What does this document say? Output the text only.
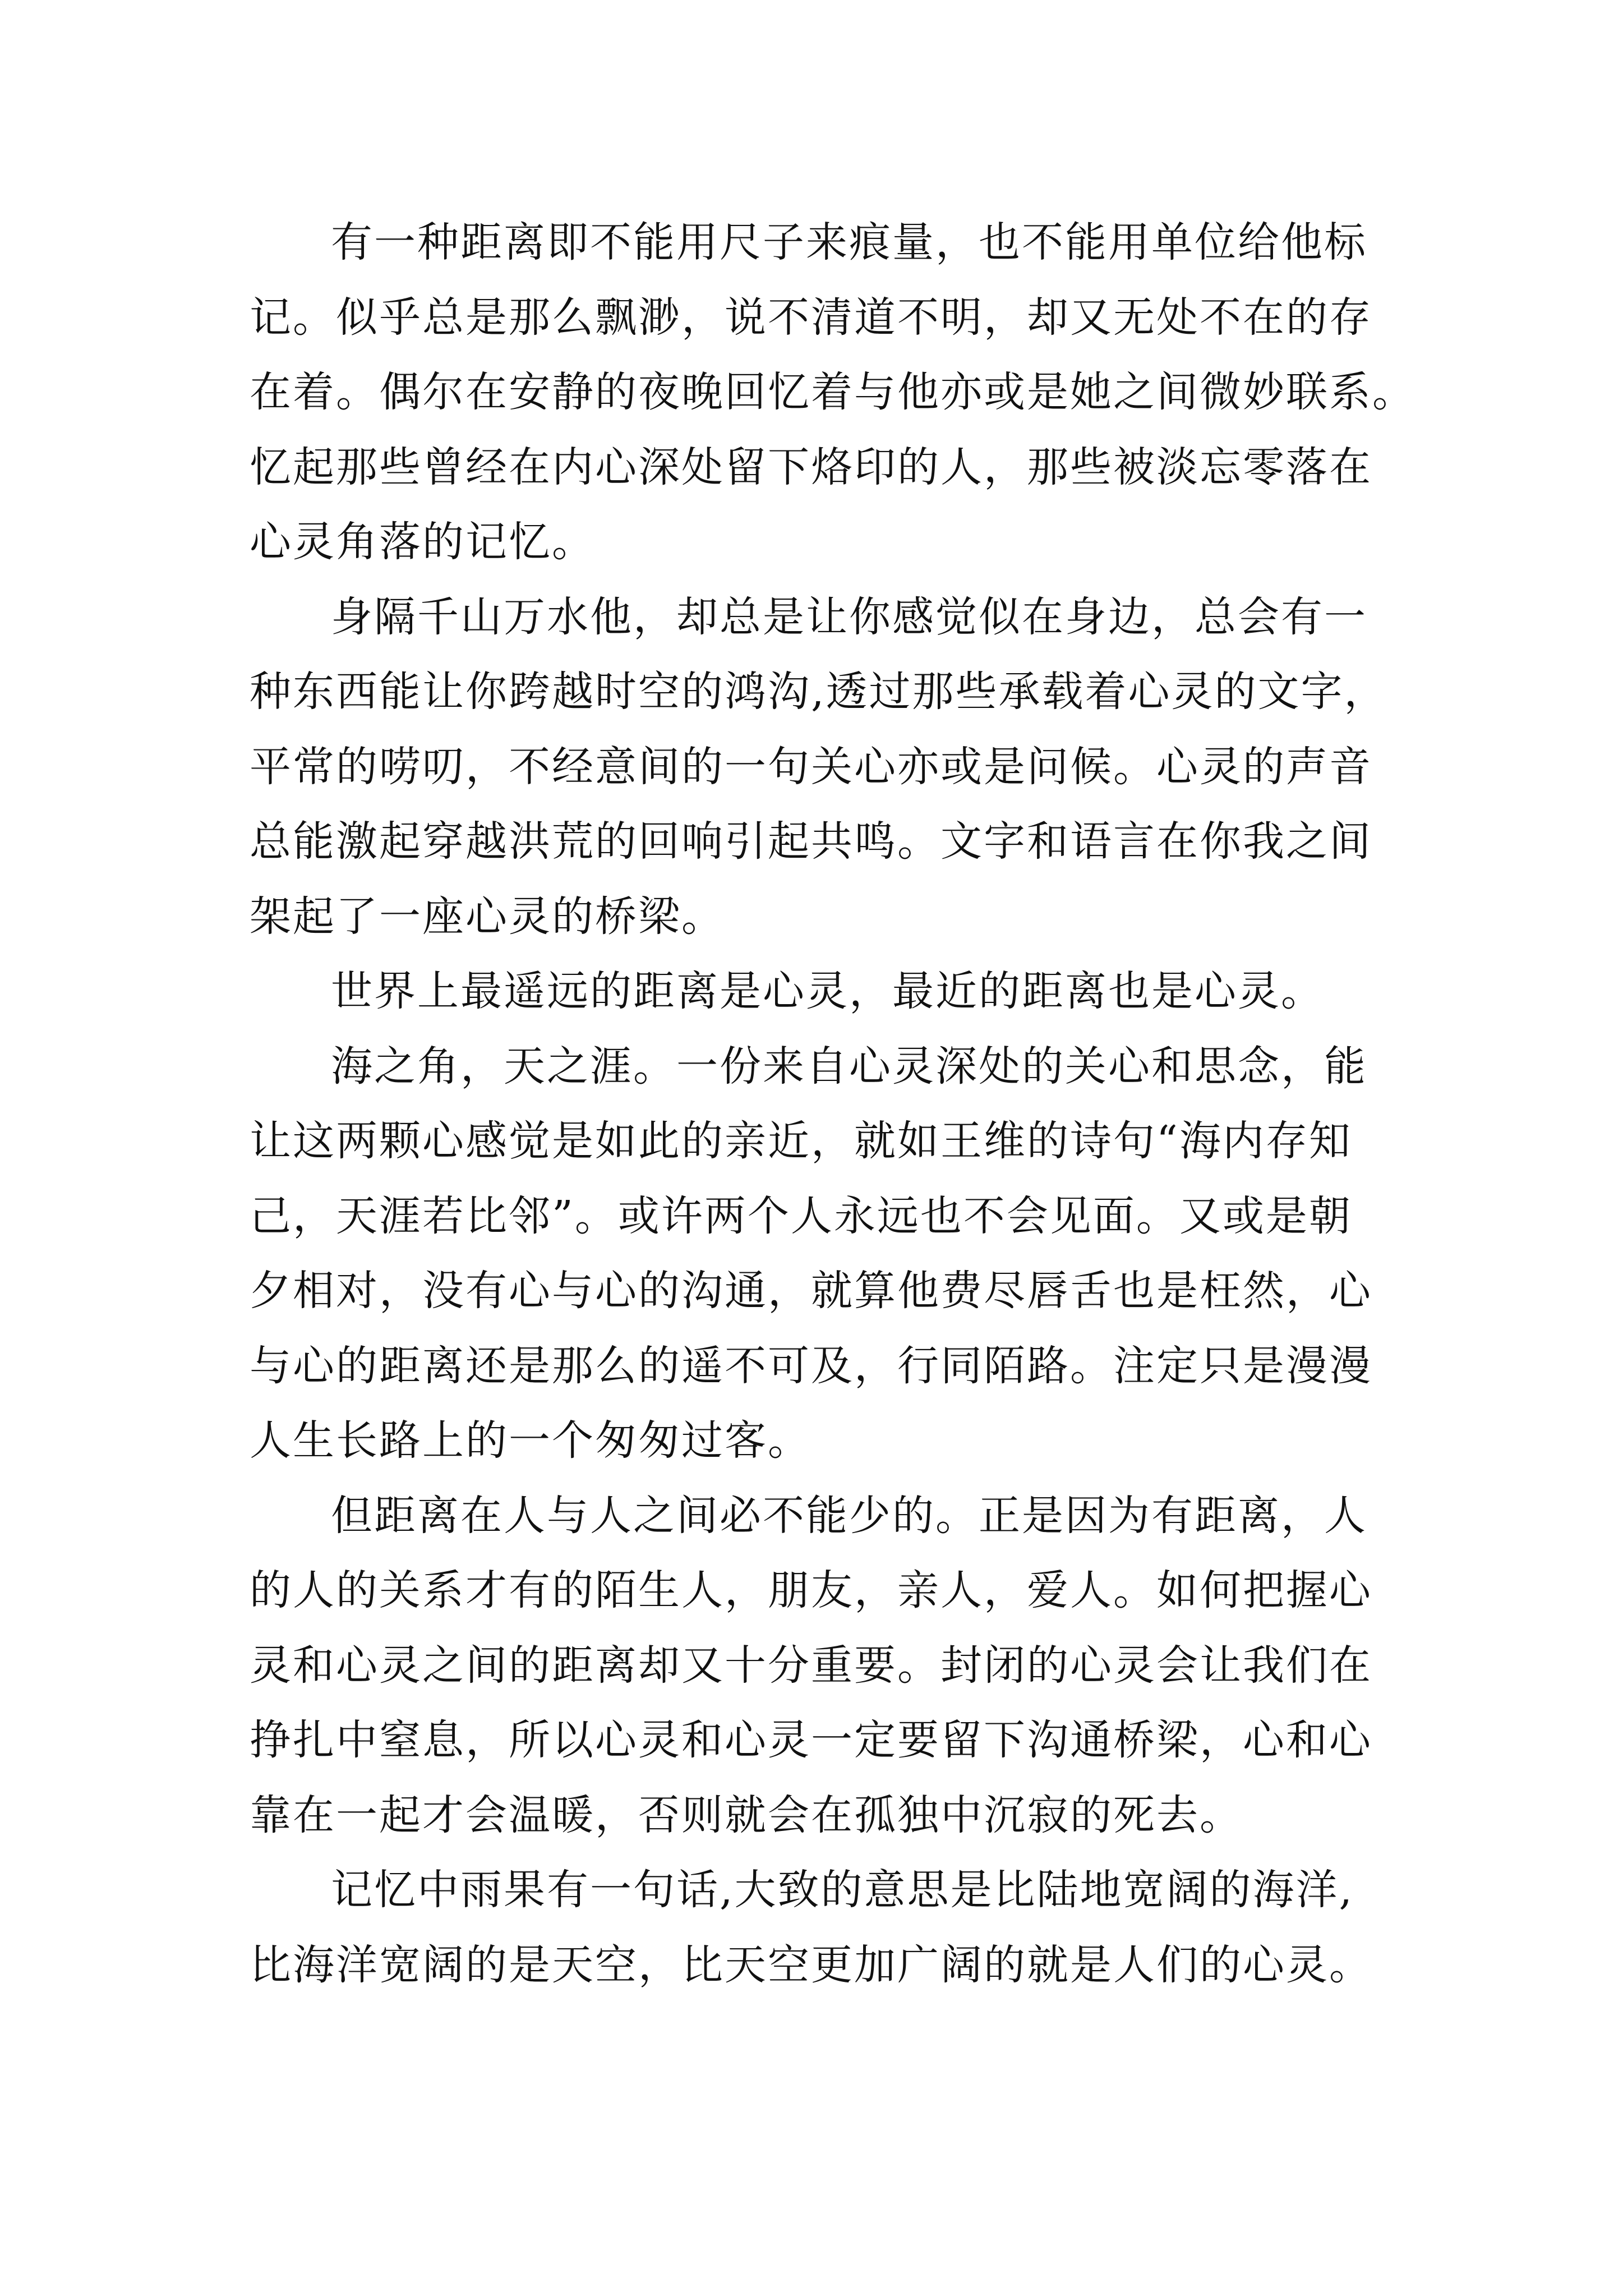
有一种距离即不能用尺子来痕量，也不能用单位给他标
记。似乎总是那么飘渺，说不清道不明，却又无处不在的存
在着。偶尔在安静的夜晚回忆着与他亦或是她之间微妙联系。
忆起那些曾经在内心深处留下烙印的人，那些被淡忘零落在
心灵角落的记忆。
身隔千山万水他，却总是让你感觉似在身边，总会有一
种东西能让你跨越时空的鸿沟,透过那些承载着心灵的文字，
平常的唠叨，不经意间的一句关心亦或是问候。心灵的声音
总能激起穿越洪荒的回响引起共鸣。文字和语言在你我之间
架起了一座心灵的桥梁。
世界上最遥远的距离是心灵，最近的距离也是心灵。
海之角，天之涯。一份来自心灵深处的关心和思念，能
让这两颗心感觉是如此的亲近，就如王维的诗句“海内存知
己，天涯若比邻”。或许两个人永远也不会见面。又或是朝
夕相对，没有心与心的沟通，就算他费尽唇舌也是枉然，心
与心的距离还是那么的遥不可及，行同陌路。注定只是漫漫
人生长路上的一个匆匆过客。
但距离在人与人之间必不能少的。正是因为有距离，人
的人的关系才有的陌生人，朋友，亲人，爱人。如何把握心
灵和心灵之间的距离却又十分重要。封闭的心灵会让我们在
挣扎中窒息，所以心灵和心灵一定要留下沟通桥梁，心和心
靠在一起才会温暖，否则就会在孤独中沉寂的死去。
记忆中雨果有一句话,大致的意思是比陆地宽阔的海洋,
比海洋宽阔的是天空，比天空更加广阔的就是人们的心灵。
